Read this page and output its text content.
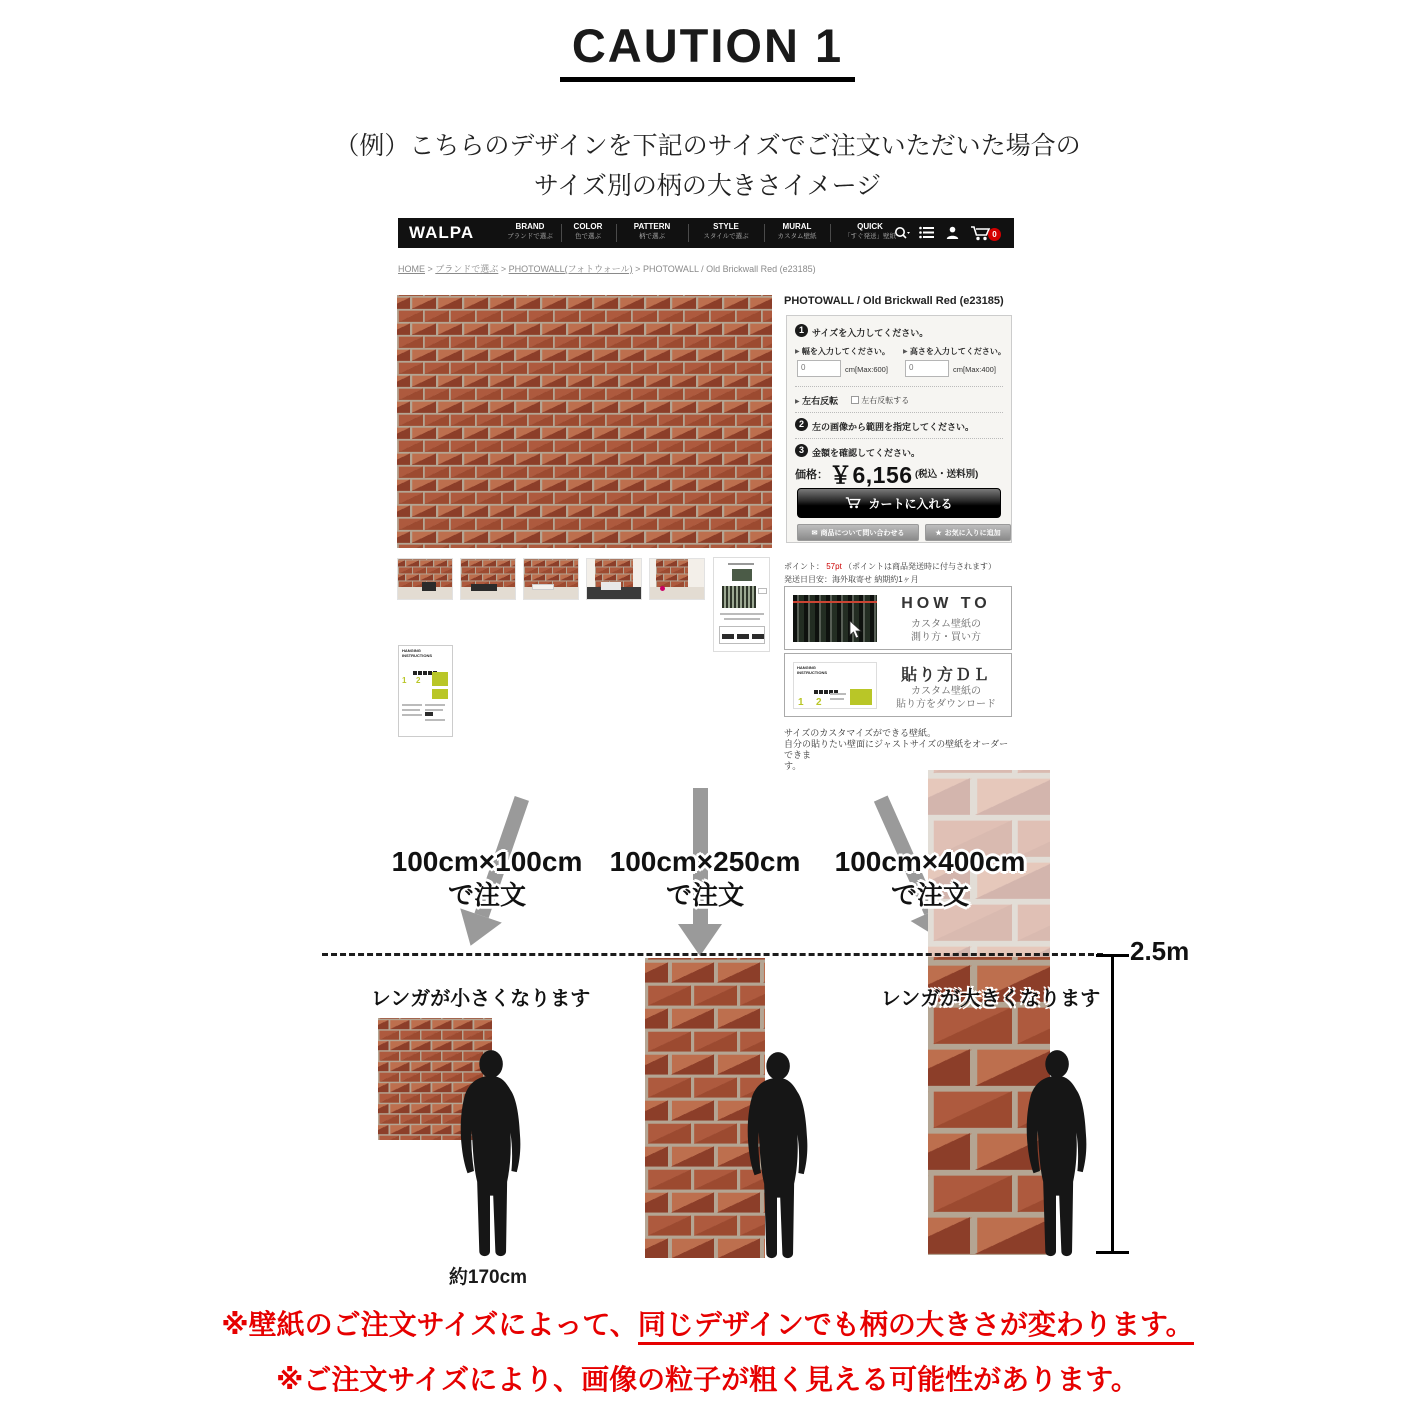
CAUTION 1
（例）こちらのデザインを下記のサイズでご注文いただいた場合の
サイズ別の柄の大きさイメージ
WALPA	BRAND
ブランドで選ぶ
COLOR
色で選ぶ
PATTERN
柄で選ぶ
STYLE
スタイルで選ぶ
MURAL
カスタム壁紙
QUICK
「すぐ発送」壁紙	0
HOME > ブランドで選ぶ > PHOTOWALL(フォトウォール) > PHOTOWALL / Old Brickwall Red (e23185)
HANGING
INSTRUCTIONS
1 2
PHOTOWALL / Old Brickwall Red (e23185)
1 サイズを入力してください。
▶ 幅を入力してください。 ▶ 高さを入力してください。
0	cm[Max:600]	0	cm[Max:400]
▶ 左右反転	左右反転する
2 左の画像から範囲を指定してください。
3 金額を確認してください。
価格： ￥6,156 (税込・送料別)
カートに入れる
✉ 商品について問い合わせる	★ お気に入りに追加
ポイント： 57pt （ポイントは商品発送時に付与されます）
発送日目安：海外取寄せ 納期約1ヶ月
HOW TO
カスタム壁紙の
測り方・買い方
HANGING
INSTRUCTIONS
1 2
貼り方ＤＬ
カスタム壁紙の
貼り方をダウンロード
サイズのカスタマイズができる壁紙。
自分の貼りたい壁面にジャストサイズの壁紙をオーダーできま
す。
100cm×100cm
で注文
100cm×250cm
で注文
100cm×400cm
で注文
2.5m
レンガが小さくなります	レンガが大きくなります
約170cm
※壁紙のご注文サイズによって、同じデザインでも柄の大きさが変わります。
※ご注文サイズにより、画像の粒子が粗く見える可能性があります。
